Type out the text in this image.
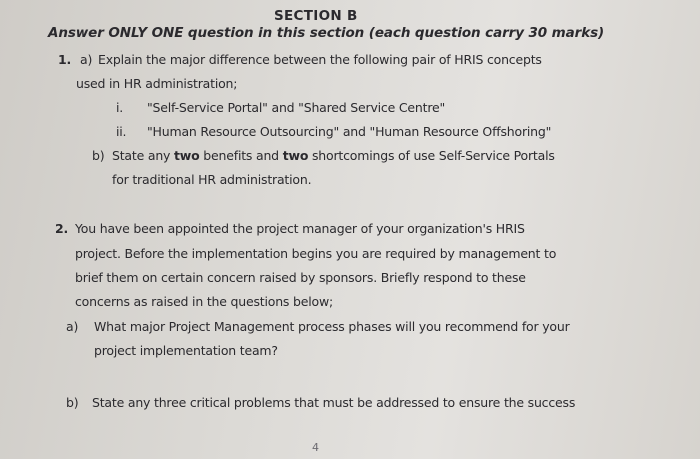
SECTION B
Answer ONLY ONE question in this section (each question carry 30 marks)
1. a) Explain the major difference between the following pair of HRIS concepts
used in HR administration;
i. "Self-Service Portal" and "Shared Service Centre"
ii. "Human Resource Outsourcing" and "Human Resource Offshoring"
b) State any two benefits and two shortcomings of use Self-Service Portals
for traditional HR administration.
2. You have been appointed the project manager of your organization's HRIS
project. Before the implementation begins you are required by management to
brief them on certain concern raised by sponsors. Briefly respond to these
concerns as raised in the questions below;
a) What major Project Management process phases will you recommend for your
project implementation team?
b) State any three critical problems that must be addressed to ensure the success
4
